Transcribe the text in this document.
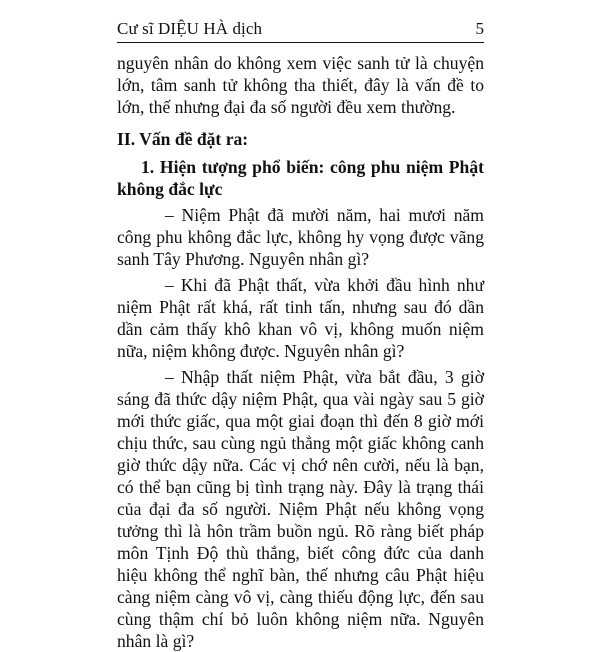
Cư sĩ DIỆU HÀ dịch	5

nguyên nhân do không xem việc sanh tử là chuyện lớn, tâm sanh tử không tha thiết, đây là vấn đề to lớn, thế nhưng đại đa số người đều xem thường.

II. Vấn đề đặt ra:

1. Hiện tượng phổ biến: công phu niệm Phật không đắc lực

– Niệm Phật đã mười năm, hai mươi năm công phu không đắc lực, không hy vọng được vãng sanh Tây Phương. Nguyên nhân gì?

– Khi đã Phật thất, vừa khởi đầu hình như niệm Phật rất khá, rất tinh tấn, nhưng sau đó dần dần cảm thấy khô khan vô vị, không muốn niệm nữa, niệm không được. Nguyên nhân gì?

– Nhập thất niệm Phật, vừa bắt đầu, 3 giờ sáng đã thức dậy niệm Phật, qua vài ngày sau 5 giờ mới thức giấc, qua một giai đoạn thì đến 8 giờ mới chịu thức, sau cùng ngủ thẳng một giấc không canh giờ thức dậy nữa. Các vị chớ nên cười, nếu là bạn, có thể bạn cũng bị tình trạng này. Đây là trạng thái của đại đa số người. Niệm Phật nếu không vọng tưởng thì là hôn trầm buồn ngủ. Rõ ràng biết pháp môn Tịnh Độ thù thắng, biết công đức của danh hiệu không thể nghĩ bàn, thế nhưng câu Phật hiệu càng niệm càng vô vị, càng thiếu động lực, đến sau cùng thậm chí bỏ luôn không niệm nữa. Nguyên nhân là gì?
